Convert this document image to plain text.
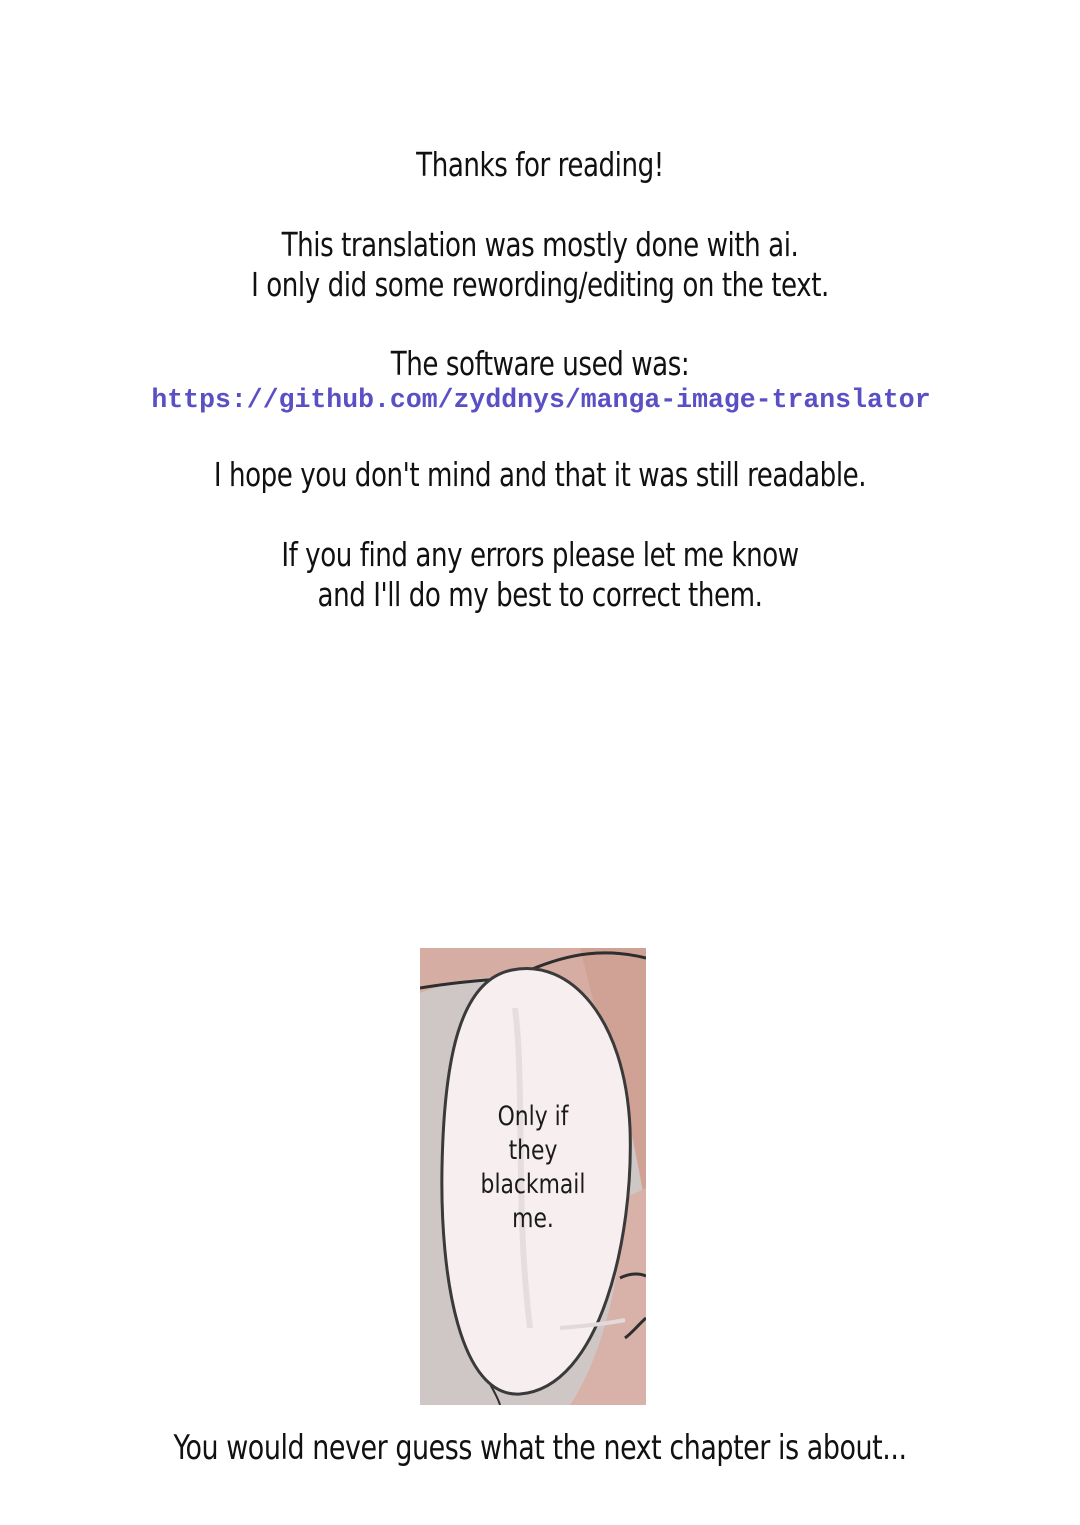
Thanks for reading!
This translation was mostly done with ai.
I only did some rewording/editing on the text.
The software used was:
https://github.com/zyddnys/manga-image-translator
I hope you don't mind and that it was still readable.
If you find any errors please let me know
and I'll do my best to correct them.
Only if
they
blackmail
me.
You would never guess what the next chapter is about...
